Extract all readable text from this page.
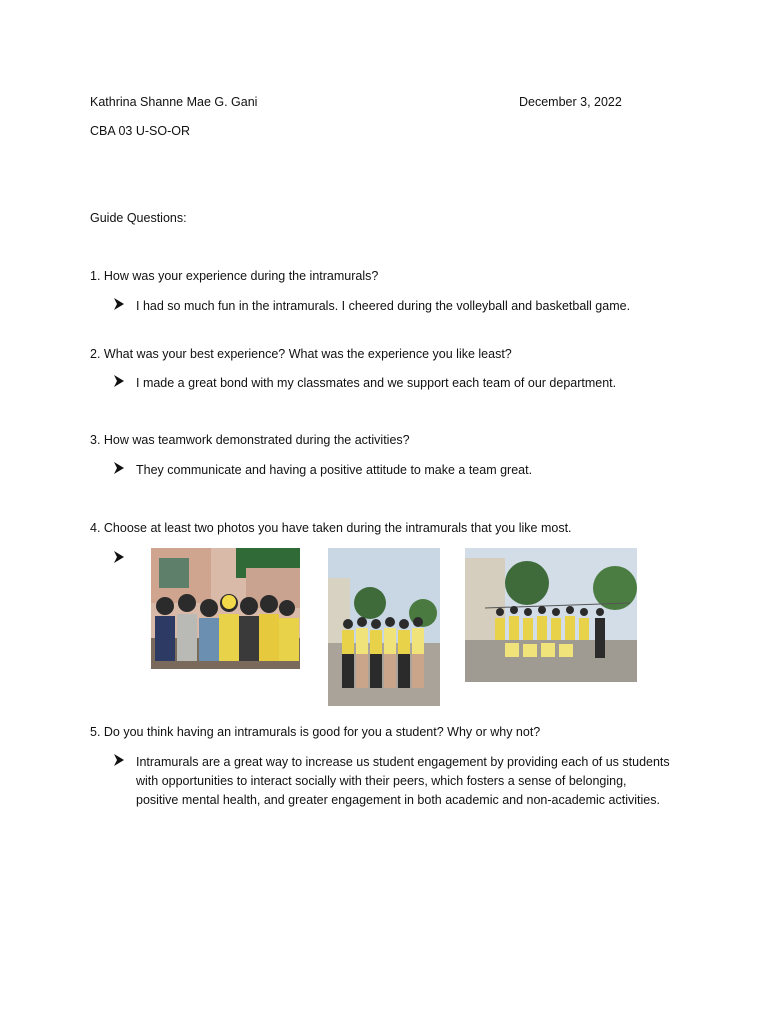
Kathrina Shanne Mae G. Gani	December 3, 2022
CBA 03 U-SO-OR
Guide Questions:
1. How was your experience during the intramurals?
I had so much fun in the intramurals. I cheered during the volleyball and basketball game.
2. What was your best experience? What was the experience you like least?
I made a great bond with my classmates and we support each team of our department.
3. How was teamwork demonstrated during the activities?
They communicate and having a positive attitude to make a team great.
4. Choose at least two photos you have taken during the intramurals that you like most.
5. Do you think having an intramurals is good for you a student? Why or why not?
Intramurals are a great way to increase us student engagement by providing each of us students
with opportunities to interact socially with their peers, which fosters a sense of belonging,
positive mental health, and greater engagement in both academic and non-academic activities.
